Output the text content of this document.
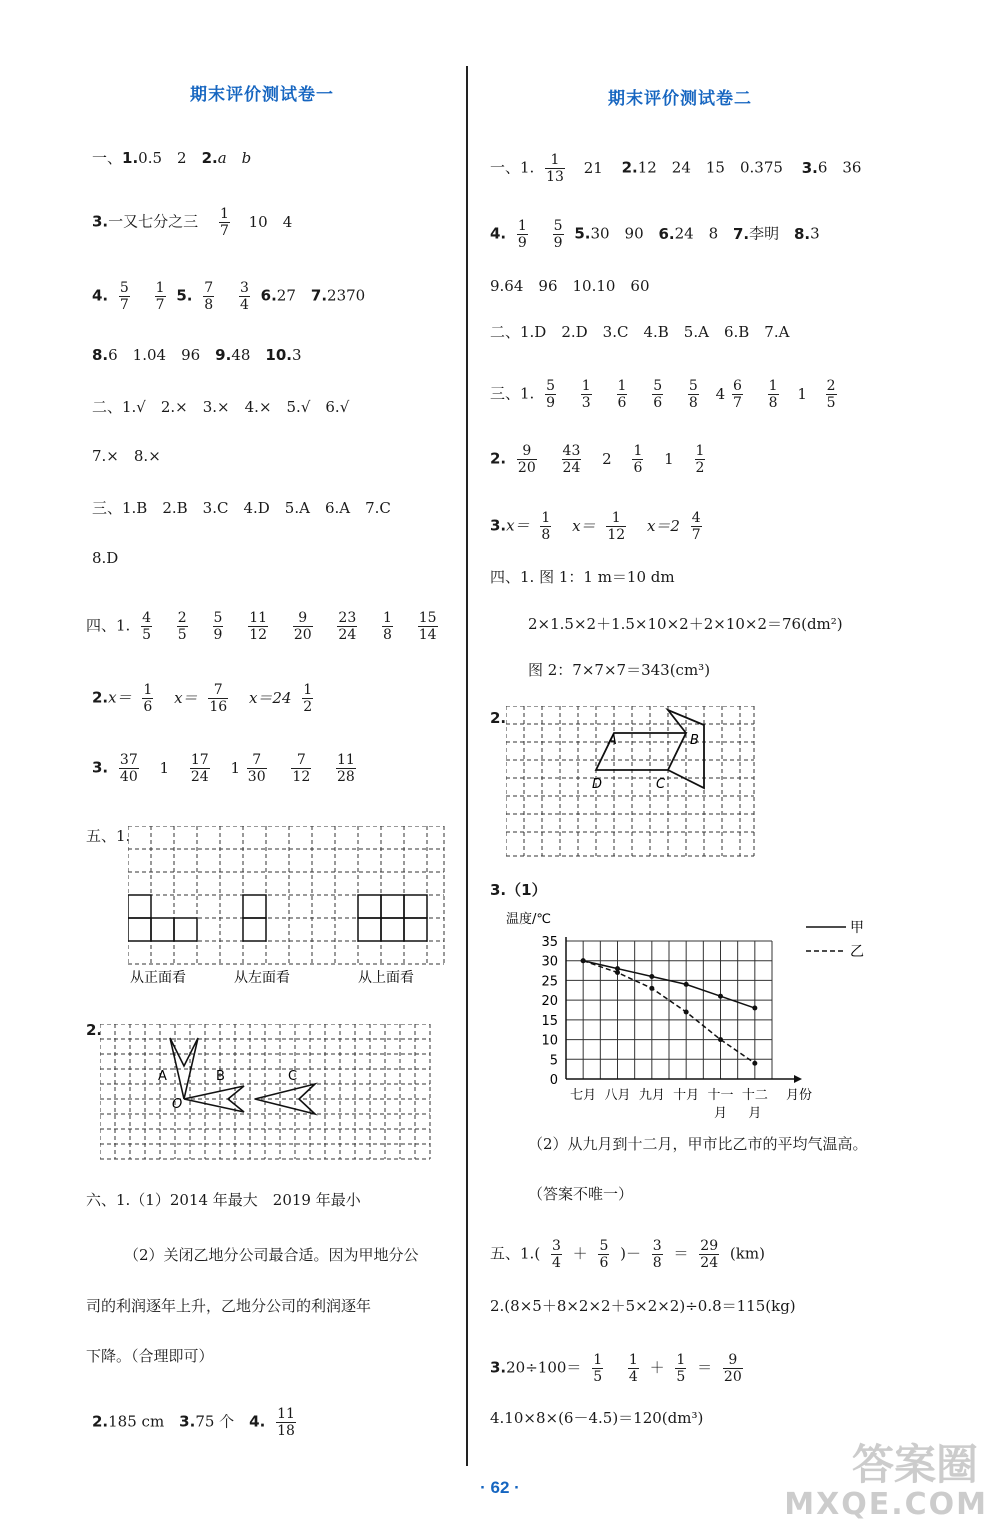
期末评价测试卷一
一、1.0.5　2　2.a　b
3.一又七分之三 $\frac{1}{7} 10$　4
4. $\frac{5}{7}$
$\frac{1}{7} 5$. $\frac{7}{8}$
$\frac{3}{4} 6.27$　7.2370
8.6　1.04　96　9.48　10.3
二、1.√　2.×　3.×　4.×　5.√　6.√
7.×　8.×
三、1.B　2.B　3.C　4.D　5.A　6.A　7.C
8.D
四、1. $\frac{4}{5}$
$\frac{2}{5}$
$\frac{5}{9}$
$\frac{11}{12}$
$\frac{9}{20}$
$\frac{23}{24}$
$\frac{1}{8}$
$\frac{15}{14}$
$2.x= \frac{1}{6} x= \frac{7}{16} x=24 \frac{1}{2}$
3. $\frac{37}{40} 1 \frac{17}{24} 1 \frac{7}{30}$
$\frac{7}{12}$
$\frac{11}{28}$
五、1.
从正面看	从左面看	从上面看
2.
A	B	C
O
六、1.（1）2014 年最大　2019 年最小
（2）关闭乙地分公司最合适。因为甲地分公
司的利润逐年上升，乙地分公司的利润逐年
下降。（合理即可）
2.185 cm　3.75 个　4. $\frac{11}{18}$
期末评价测试卷二
一、1. $\frac{1}{13} 21$ 2.12　24　15　0.375 3.6　36
4. $\frac{1}{9}$
$\frac{5}{9} 5.30$　90 6.24　8 7.李明 8.3
9.64　96　10.10　60
二、1.D　2.D　3.C　4.B　5.A　6.B　7.A
三、1. $\frac{5}{9}$
$\frac{1}{3}$
$\frac{1}{6}$
$\frac{5}{6}$
$\frac{5}{8} 4 \frac{6}{7}$
$\frac{1}{8} 1 \frac{2}{5}$
2. $\frac{9}{20}$
$\frac{43}{24} 2 \frac{1}{6} 1 \frac{1}{2}$
$3.x= \frac{1}{8} x= \frac{1}{12} x=2 \frac{4}{7}$
四、1. 图 1：1 m＝10 dm
2×1.5×2＋1.5×10×2＋2×10×2＝76(dm²)
图 2：7×7×7＝343(cm³)
2.
A	B
D	C
3.（1）
0
5
10
15
20
25
30
35
温度/℃
月份
七月 八月 九月 十月 十一
月
十二
月
甲
乙
（2）从九月到十二月，甲市比乙市的平均气温高。
（答案不唯一）
五、$1.( \frac{3}{4} + \frac{5}{6}$ )－ $\frac{3}{8} = \frac{29}{24} (km)$
2.(8×5＋8×2×2＋5×2×2)÷0.8＝115(kg)
$3.20\div 100= \frac{1}{5}$
$\frac{1}{4} + \frac{1}{5} = \frac{9}{20}$
4.10×8×(6－4.5)＝120(dm³)
· 62 ·	答案圈
MXQE.COM
